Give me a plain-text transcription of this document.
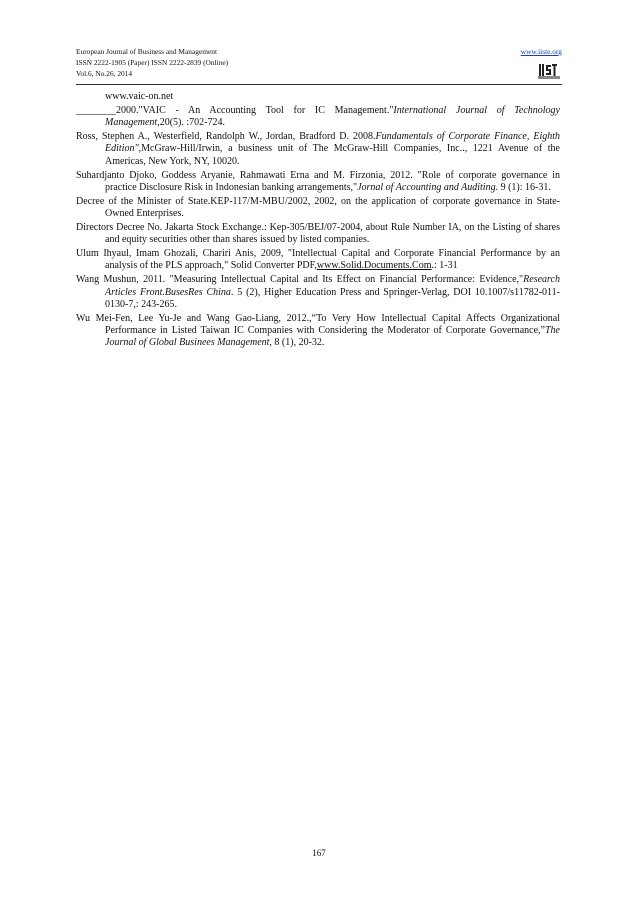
European Journal of Business and Management
ISSN 2222-1905 (Paper) ISSN 2222-2839 (Online)
Vol.6, No.26, 2014
www.iiste.org
www.vaic-on.net
________2000."VAIC - An Accounting Tool for IC Management."International Journal of Technology Management,20(5). :702-724.
Ross, Stephen A., Westerfield, Randolph W., Jordan, Bradford D. 2008.Fundamentals of Corporate Finance, Eighth Edition",McGraw-Hill/Irwin, a business unit of The McGraw-Hill Companies, Inc.., 1221 Avenue of the Americas, New York, NY, 10020.
Suhardjanto Djoko, Goddess Aryanie, Rahmawati Erna and M. Firzonia, 2012. "Role of corporate governance in practice Disclosure Risk in Indonesian banking arrangements,"Jornal of Accounting and Auditing. 9 (1): 16-31.
Decree of the Minister of State.KEP-117/M-MBU/2002, 2002, on the application of corporate governance in State-Owned Enterprises.
Directors Decree No. Jakarta Stock Exchange.: Kep-305/BEJ/07-2004, about Rule Number IA, on the Listing of shares and equity securities other than shares issued by listed companies.
Ulum Ihyaul, Imam Ghozali, Chariri Anis, 2009, "Intellectual Capital and Corporate Financial Performance by an analysis of the PLS approach," Solid Converter PDF,www.Solid.Documents.Com.: 1-31
Wang Mushun, 2011. "Measuring Intellectual Capital and Its Effect on Financial Performance: Evidence,"Research Articles Front.BusesRes China. 5 (2), Higher Education Press and Springer-Verlag, DOI 10.1007/s11782-011-0130-7,: 243-265.
Wu Mei-Fen, Lee Yu-Je and Wang Gao-Liang, 2012.,“To Very How Intellectual Capital Affects Organizational Performance in Listed Taiwan IC Companies with Considering the Moderator of Corporate Governance,”The Journal of Global Businees Management, 8 (1), 20-32.
167
